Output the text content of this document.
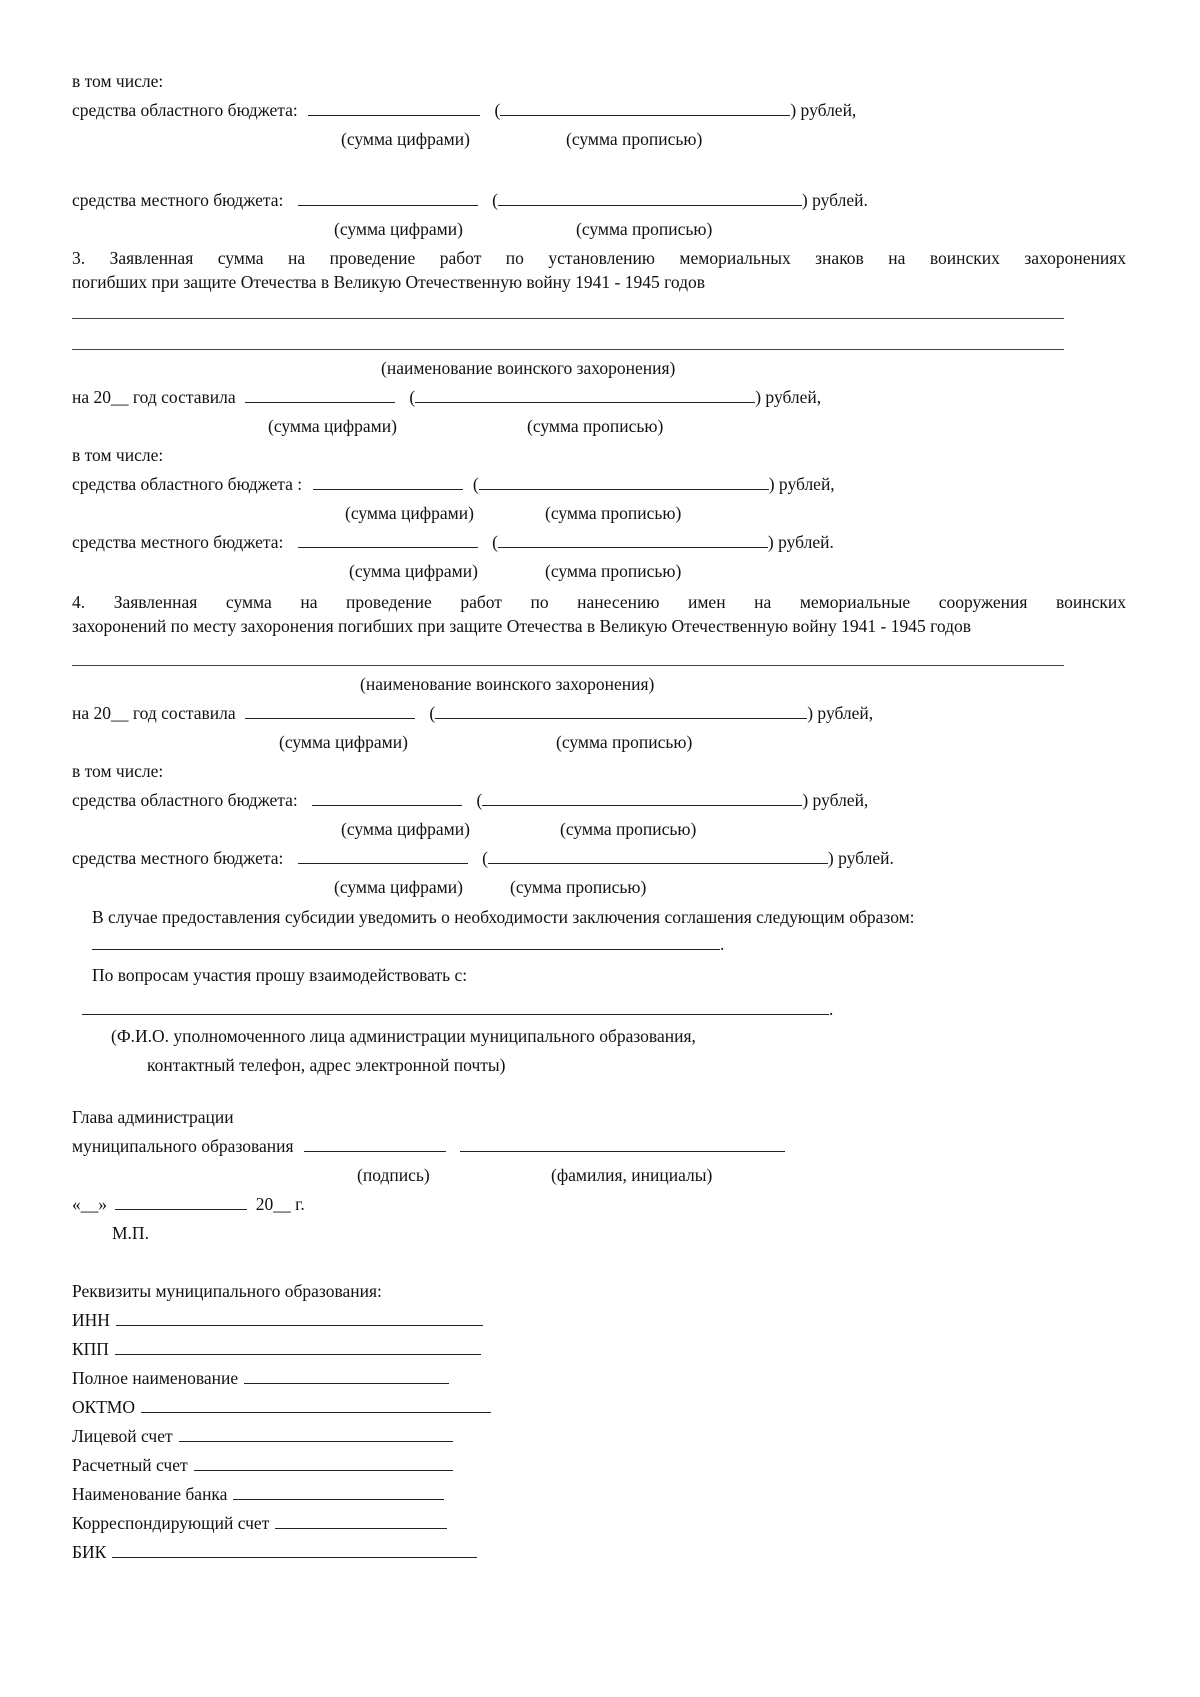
в том числе:
средства областного бюджета:	(	) рублей,
(сумма цифрами)	(сумма прописью)
средства местного бюджета:	(	) рублей.
(сумма цифрами)	(сумма прописью)
3. Заявленная сумма на проведение работ по установлению мемориальных знаков на воинских захоронениях
погибших при защите Отечества в Великую Отечественную войну 1941 - 1945 годов
(наименование воинского захоронения)
на 20__ год составила	(	) рублей,
(сумма цифрами)	(сумма прописью)
в том числе:
средства областного бюджета :	(	) рублей,
(сумма цифрами)	(сумма прописью)
средства местного бюджета:	(	) рублей.
(сумма цифрами)	(сумма прописью)
4. Заявленная сумма на проведение работ по нанесению имен на мемориальные сооружения воинских
захоронений по месту захоронения погибших при защите Отечества в Великую Отечественную войну 1941 - 1945 годов
(наименование воинского захоронения)
на 20__ год составила	(	) рублей,
(сумма цифрами)	(сумма прописью)
в том числе:
средства областного бюджета:	(	) рублей,
(сумма цифрами)	(сумма прописью)
средства местного бюджета:	(	) рублей.
(сумма цифрами)	(сумма прописью)
В случае предоставления субсидии уведомить о необходимости заключения соглашения следующим образом:
.
По вопросам участия прошу взаимодействовать с:
.
(Ф.И.О. уполномоченного лица администрации муниципального образования,
контактный телефон, адрес электронной почты)
Глава администрации
муниципального образования
(подпись)	(фамилия, инициалы)
«__»	20__ г.
М.П.
Реквизиты муниципального образования:
ИНН
КПП
Полное наименование
ОКТМО
Лицевой счет
Расчетный счет
Наименование банка
Корреспондирующий счет
БИК
